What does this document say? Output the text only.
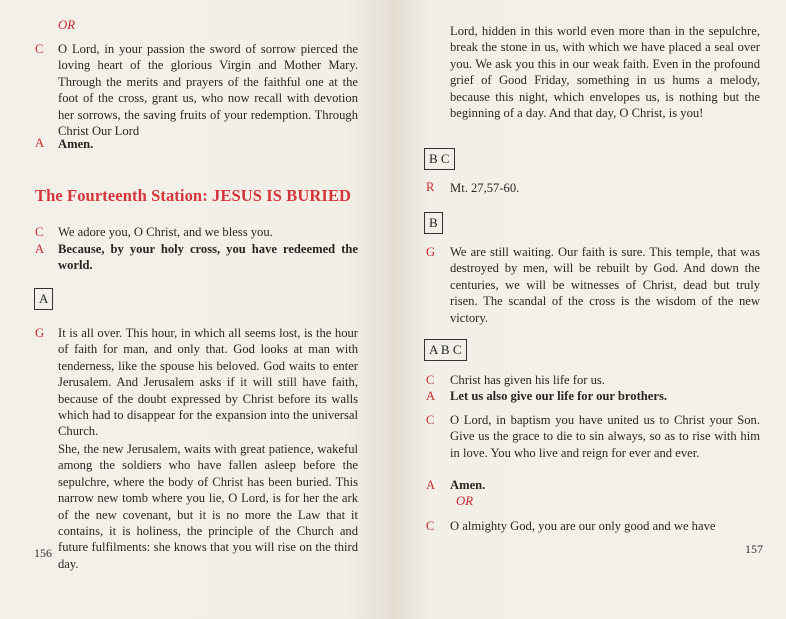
OR
C O Lord, in your passion the sword of sorrow pierced the loving heart of the glorious Virgin and Mother Mary. Through the merits and prayers of the faithful one at the foot of the cross, grant us, who now recall with devotion her sorrows, the saving fruits of your redemption. Through Christ Our Lord
A Amen.
The Fourteenth Station: JESUS IS BURIED
C We adore you, O Christ, and we bless you.
A Because, by your holy cross, you have redeemed the world.
A
G It is all over. This hour, in which all seems lost, is the hour of faith for man, and only that. God looks at man with tenderness, like the spouse his beloved. God waits to enter Jerusalem. And Jerusalem asks if it will still have faith, because of the doubt expressed by Christ before its walls which had to disappear for the expansion into the universal Church.
She, the new Jerusalem, waits with great patience, wakeful among the soldiers who have fallen asleep before the sepulchre, where the body of Christ has been buried. This narrow new tomb where you lie, O Lord, is for her the ark of the new covenant, but it is no more the Law that it contains, it is holiness, the principle of the Church and future fulfilments: she knows that you will rise on the third day.
156
Lord, hidden in this world even more than in the sepulchre, break the stone in us, with which we have placed a seal over you. We ask you this in our weak faith. Even in the profound grief of Good Friday, something in us hums a melody, because this night, which envelopes us, is nothing but the beginning of a day. And that day, O Christ, is you!
B C
R Mt. 27,57-60.
B
G We are still waiting. Our faith is sure. This temple, that was destroyed by men, will be rebuilt by God. And down the centuries, we will be witnesses of Christ, dead but truly risen. The scandal of the cross is the wisdom of the new victory.
A B C
C Christ has given his life for us.
A Let us also give our life for our brothers.
C O Lord, in baptism you have united us to Christ your Son. Give us the grace to die to sin always, so as to rise with him in love. You who live and reign for ever and ever.
A Amen.
OR
C O almighty God, you are our only good and we have
157
